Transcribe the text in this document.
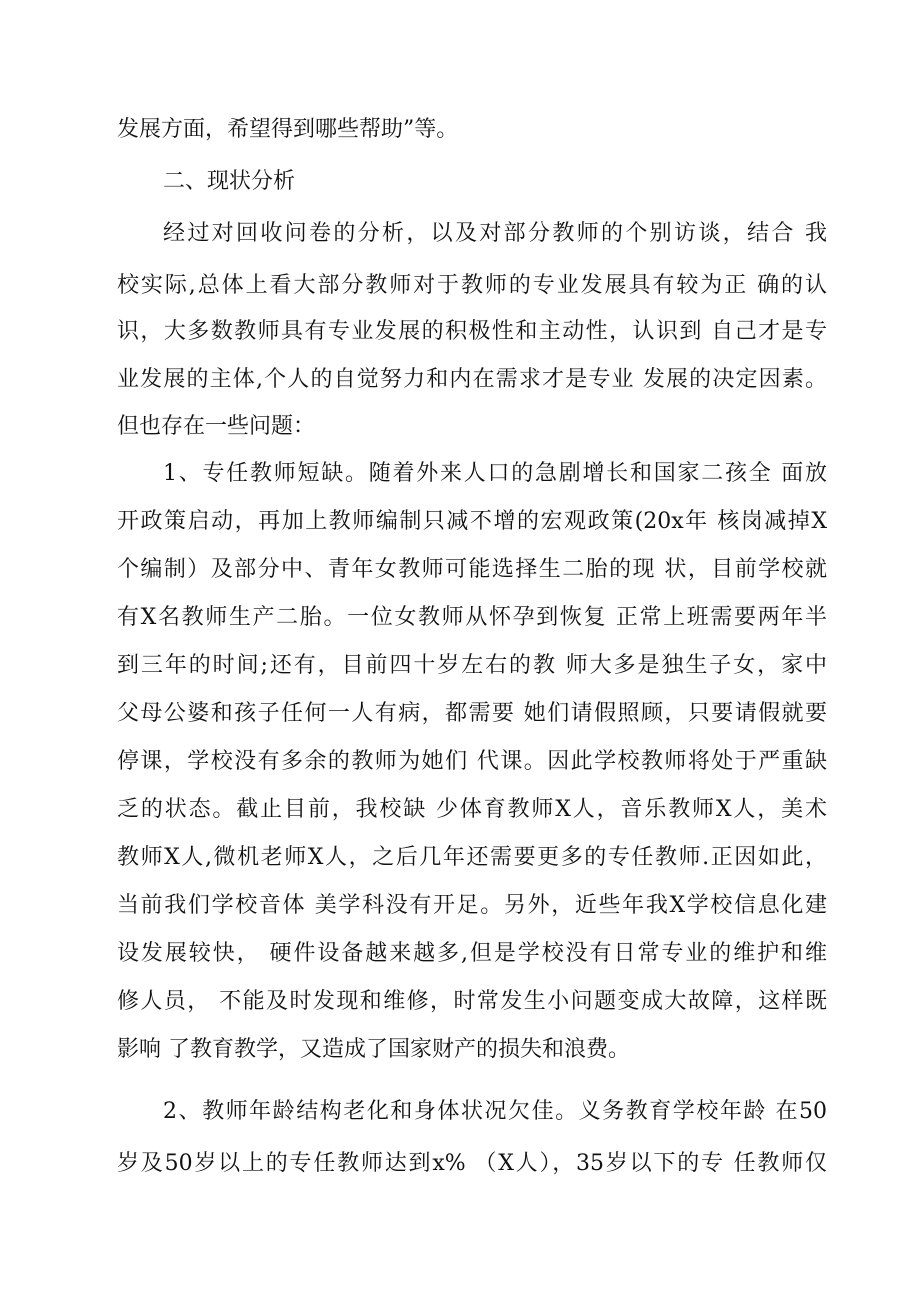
发展方面，希望得到哪些帮助”等。

二、现状分析

经过对回收问卷的分析，以及对部分教师的个别访谈，结合 我

校实际,总体上看大部分教师对于教师的专业发展具有较为正 确的认

识，大多数教师具有专业发展的积极性和主动性，认识到 自己才是专

业发展的主体,个人的自觉努力和内在需求才是专业 发展的决定因素。

但也存在一些问题：

1、专任教师短缺。随着外来人口的急剧增长和国家二孩全 面放

开政策启动，再加上教师编制只减不增的宏观政策(20x年 核岗减掉X

个编制）及部分中、青年女教师可能选择生二胎的现 状，目前学校就

有X名教师生产二胎。一位女教师从怀孕到恢复 正常上班需要两年半

到三年的时间;还有，目前四十岁左右的教 师大多是独生子女，家中

父母公婆和孩子任何一人有病，都需要 她们请假照顾，只要请假就要

停课，学校没有多余的教师为她们 代课。因此学校教师将处于严重缺

乏的状态。截止目前，我校缺 少体育教师X人，音乐教师X人，美术

教师X人,微机老师X人，之后几年还需要更多的专任教师.正因如此，

当前我们学校音体 美学科没有开足。另外，近些年我X学校信息化建

设发展较快， 硬件设备越来越多,但是学校没有日常专业的维护和维

修人员， 不能及时发现和维修，时常发生小问题变成大故障，这样既

影响 了教育教学，又造成了国家财产的损失和浪费。

2、教师年龄结构老化和身体状况欠佳。义务教育学校年龄 在50

岁及50岁以上的专任教师达到x% （X人），35岁以下的专 任教师仅
